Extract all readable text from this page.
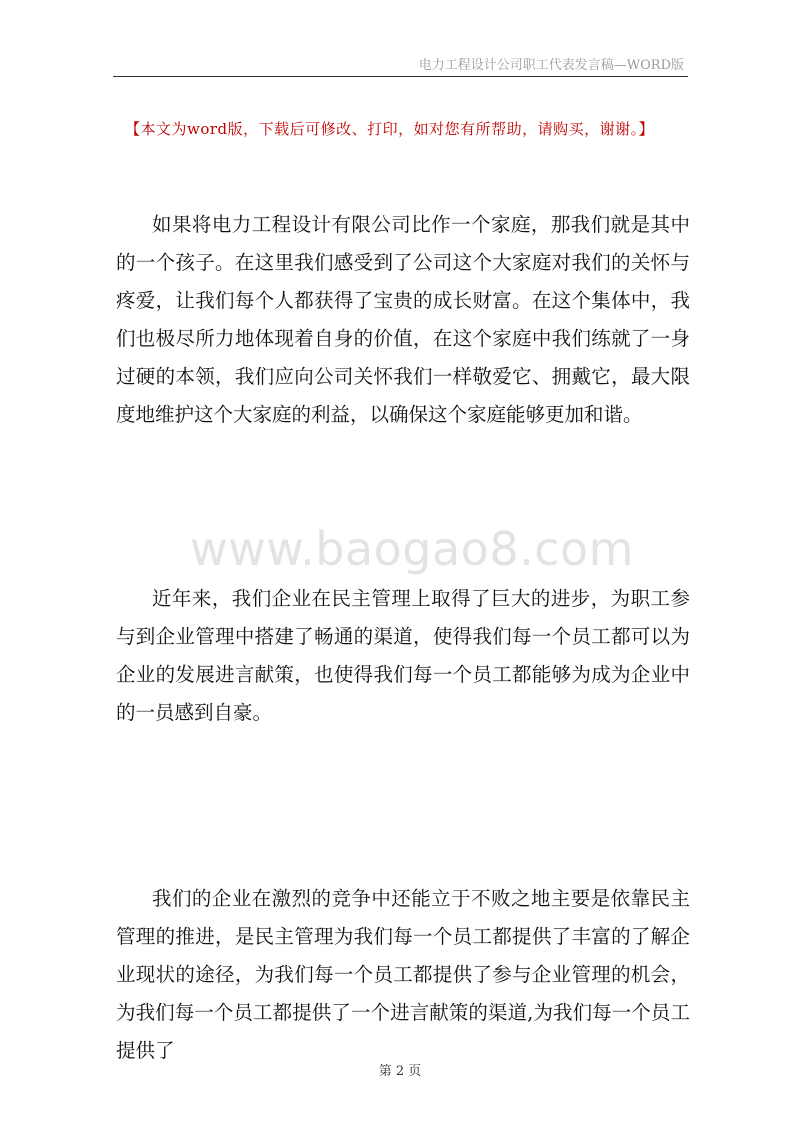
电力工程设计公司职工代表发言稿—WORD版
【本文为word版，下载后可修改、打印，如对您有所帮助，请购买，谢谢。】

如果将电力工程设计有限公司比作一个家庭，那我们就是其中的一个孩子。在这里我们感受到了公司这个大家庭对我们的关怀与疼爱，让我们每个人都获得了宝贵的成长财富。在这个集体中，我们也极尽所力地体现着自身的价值，在这个家庭中我们练就了一身过硬的本领，我们应向公司关怀我们一样敬爱它、拥戴它，最大限度地维护这个大家庭的利益，以确保这个家庭能够更加和谐。

www.baogao8.com

近年来，我们企业在民主管理上取得了巨大的进步，为职工参与到企业管理中搭建了畅通的渠道，使得我们每一个员工都可以为企业的发展进言献策，也使得我们每一个员工都能够为成为企业中的一员感到自豪。

我们的企业在激烈的竞争中还能立于不败之地主要是依靠民主管理的推进，是民主管理为我们每一个员工都提供了丰富的了解企业现状的途径，为我们每一个员工都提供了参与企业管理的机会，为我们每一个员工都提供了一个进言献策的渠道,为我们每一个员工提供了

第 2 页
